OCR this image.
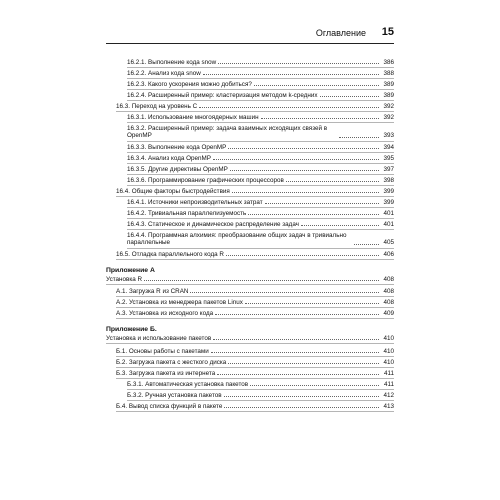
Оглавление 15
16.2.1. Выполнение кода snow	386
16.2.2. Анализ кода snow	388
16.2.3. Какого ускорения можно добиться?	389
16.2.4. Расширенный пример: кластеризация методом k-средних	389
16.3. Переход на уровень C	392
16.3.1. Использование многоядерных машин	392
16.3.2. Расширенный пример: задача взаимных исходящих связей в OpenMP	393
16.3.3. Выполнение кода OpenMP	394
16.3.4. Анализ кода OpenMP	395
16.3.5. Другие директивы OpenMP	397
16.3.6. Программирование графических процессоров	398
16.4. Общие факторы быстродействия	399
16.4.1. Источники непроизводительных затрат	399
16.4.2. Тривиальная параллелизуемость	401
16.4.3. Статическое и динамическое распределение задач	401
16.4.4. Программная алхимия: преобразование общих задач в тривиально параллельные	405
16.5. Отладка параллельного кода R	406
Приложение А
Установка R	408
А.1. Загрузка R из CRAN	408
А.2. Установка из менеджера пакетов Linux	408
А.3. Установка из исходного кода	409
Приложение Б.
Установка и использование пакетов	410
Б.1. Основы работы с пакетами	410
Б.2. Загрузка пакета с жесткого диска	410
Б.3. Загрузка пакета из интернета	411
Б.3.1. Автоматическая установка пакетов	411
Б.3.2. Ручная установка пакетов	412
Б.4. Вывод списка функций в пакете	413
